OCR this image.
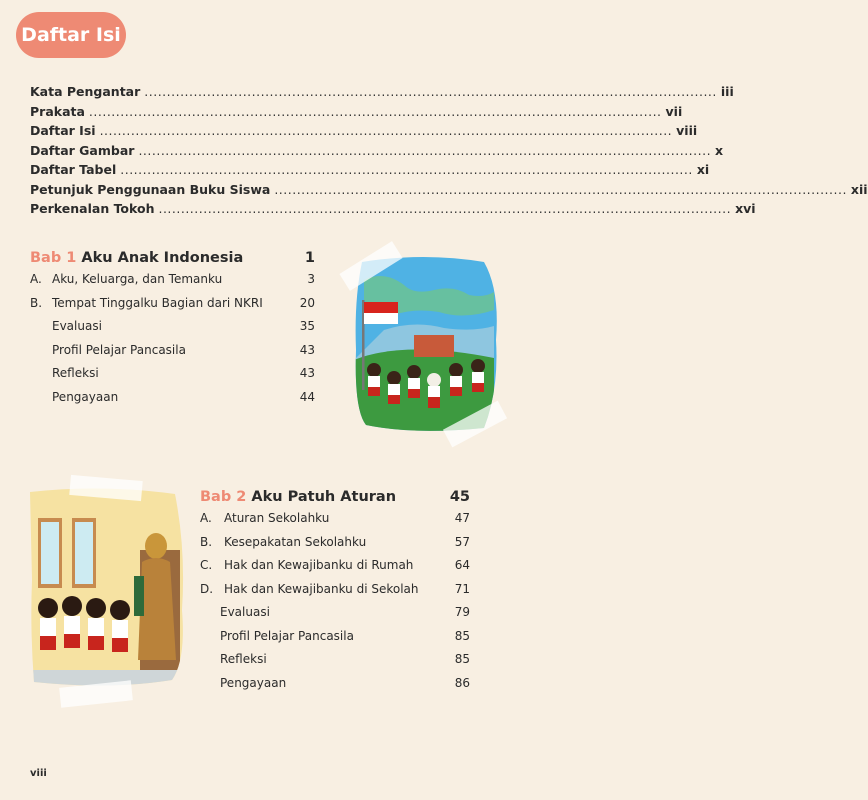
Daftar Isi
Kata Pengantar ................................................................................................................................ iii
Prakata ................................................................................................................................ vii
Daftar Isi ................................................................................................................................ viii
Daftar Gambar ................................................................................................................................ x
Daftar Tabel ................................................................................................................................ xi
Petunjuk Penggunaan Buku Siswa ................................................................................................................................ xii
Perkenalan Tokoh ................................................................................................................................ xvi
Bab 1 Aku Anak Indonesia	1
A. Aku, Keluarga, dan Temanku	3
B. Tempat Tinggalku Bagian dari NKRI	20
Evaluasi	35
Profil Pelajar Pancasila	43
Refleksi	43
Pengayaan	44
Bab 2 Aku Patuh Aturan	45
A.	Aturan Sekolahku	47
B. Kesepakatan Sekolahku	57
C. Hak dan Kewajibanku di Rumah	64
D. Hak dan Kewajibanku di Sekolah	71
Evaluasi	79
Profil Pelajar Pancasila	85
Refleksi	85
Pengayaan	86
viii
